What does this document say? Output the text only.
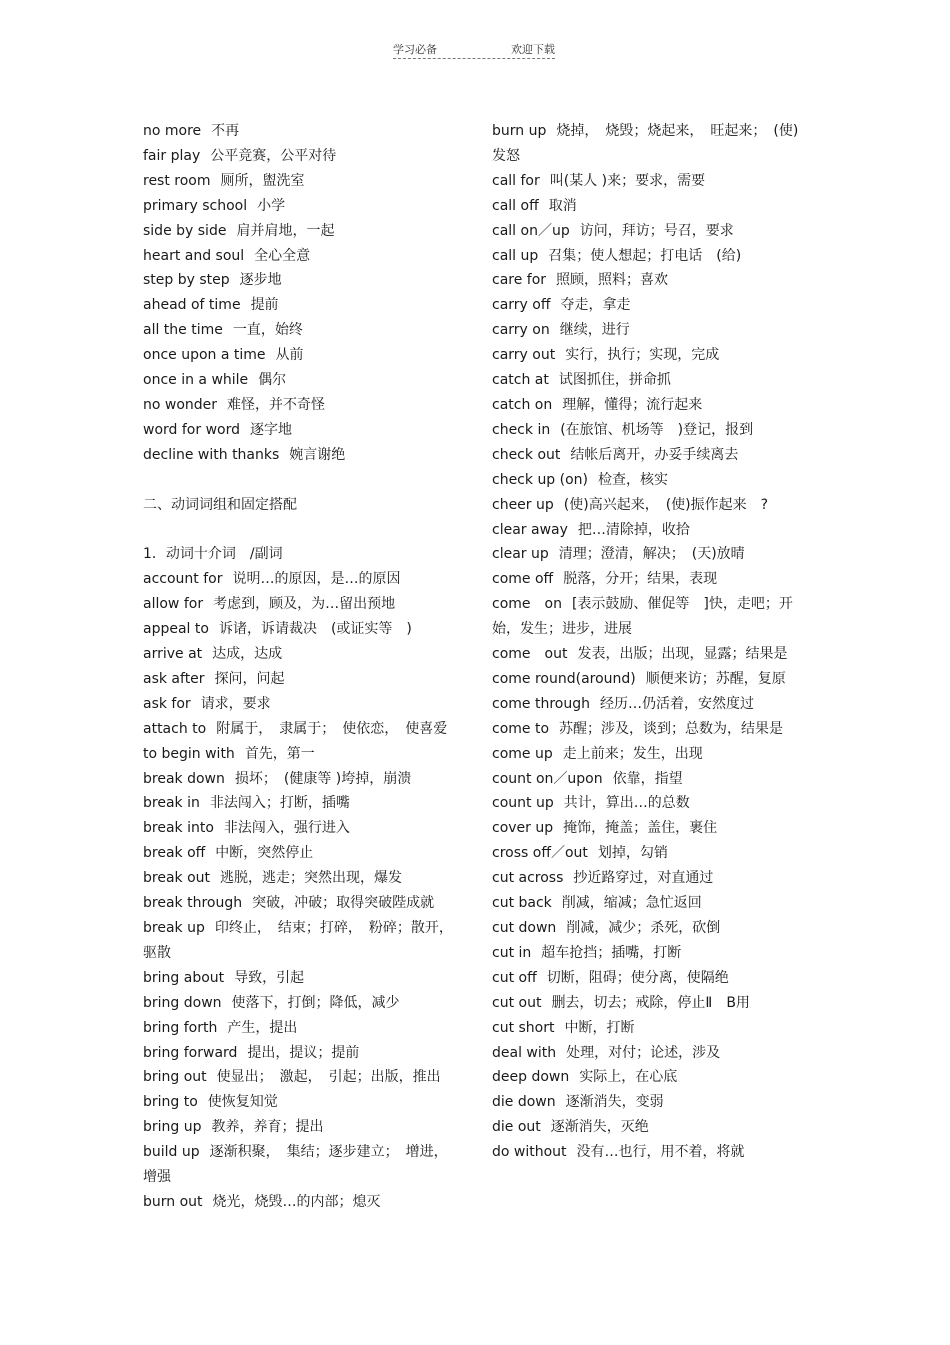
学习必备	欢迎下载
no more 不再
fair play 公平竞赛，公平对待
rest room 厕所，盥洗室
primary school 小学
side by side 肩并肩地，一起
heart and soul 全心全意
step by step 逐步地
ahead of time 提前
all the time 一直，始终
once upon a time 从前
once in a while 偶尔
no wonder 难怪，并不奇怪
word for word 逐字地
decline with thanks 婉言谢绝
二、动词词组和固定搭配
1．动词十介词　/副词
account for 说明…的原因，是…的原因
allow for 考虑到，顾及，为…留出预地
appeal to 诉诸，诉请裁决　(或证实等　)
arrive at 达成，达成
ask after 探问，问起
ask for 请求，要求
attach to 附属于，　隶属于；　使依恋，　使喜爱
to begin with 首先，第一
break down 损坏；　(健康等 )垮掉，崩溃
break in 非法闯入；打断，插嘴
break into 非法闯入，强行进入
break off 中断，突然停止
break out 逃脱，逃走；突然出现，爆发
break through 突破，冲破；取得突破陛成就
break up 印终止，　结束；打碎，　粉碎；散开，驱散
bring about 导致，引起
bring down 使落下，打倒；降低，减少
bring forth 产生，提出
bring forward 提出，提议；提前
bring out 使显出；　激起，　引起；出版，推出
bring to 使恢复知觉
bring up 教养，养育；提出
build up 逐渐积聚，　集结；逐步建立；　增进，增强
burn out 烧光，烧毁…的内部；熄灭
burn up 烧掉，　烧毁；烧起来，　旺起来；　(使)发怒
call for 叫(某人 )来；要求，需要
call off 取消
call on／up 访问，拜访；号召，要求
call up 召集；使人想起；打电话　(给)
care for 照顾，照料；喜欢
carry off 夺走，拿走
carry on 继续，进行
carry out 实行，执行；实现，完成
catch at 试图抓住，拼命抓
catch on 理解，懂得；流行起来
check in (在旅馆、机场等　)登记，报到
check out 结帐后离开，办妥手续离去
check up (on) 检查，核实
cheer up (使)高兴起来，　(使)振作起来　?
clear away 把…清除掉，收拾
clear up 清理；澄清，解决；　(天)放晴
come off 脱落，分开；结果，表现
come　on [表示鼓励、催促等　]快，走吧；开始，发生；进步，进展
come　out 发表，出版；出现，显露；结果是
come round(around) 顺便来访；苏醒，复原
come through 经历…仍活着，安然度过
come to 苏醒；涉及，谈到；总数为，结果是
come up 走上前来；发生，出现
count on／upon 依靠，指望
count up 共计，算出…的总数
cover up 掩饰，掩盖；盖住，裹住
cross off／out 划掉，勾销
cut across 抄近路穿过，对直通过
cut back 削减，缩减；急忙返回
cut down 削减，减少；杀死，砍倒
cut in 超车抢挡；插嘴，打断
cut off 切断，阻碍；使分离，使隔绝
cut out 删去，切去；戒除，停止Ⅱ　B用
cut short 中断，打断
deal with 处理，对付；论述，涉及
deep down 实际上，在心底
die down 逐渐消失，变弱
die out 逐渐消失，灭绝
do without 没有…也行，用不着，将就
